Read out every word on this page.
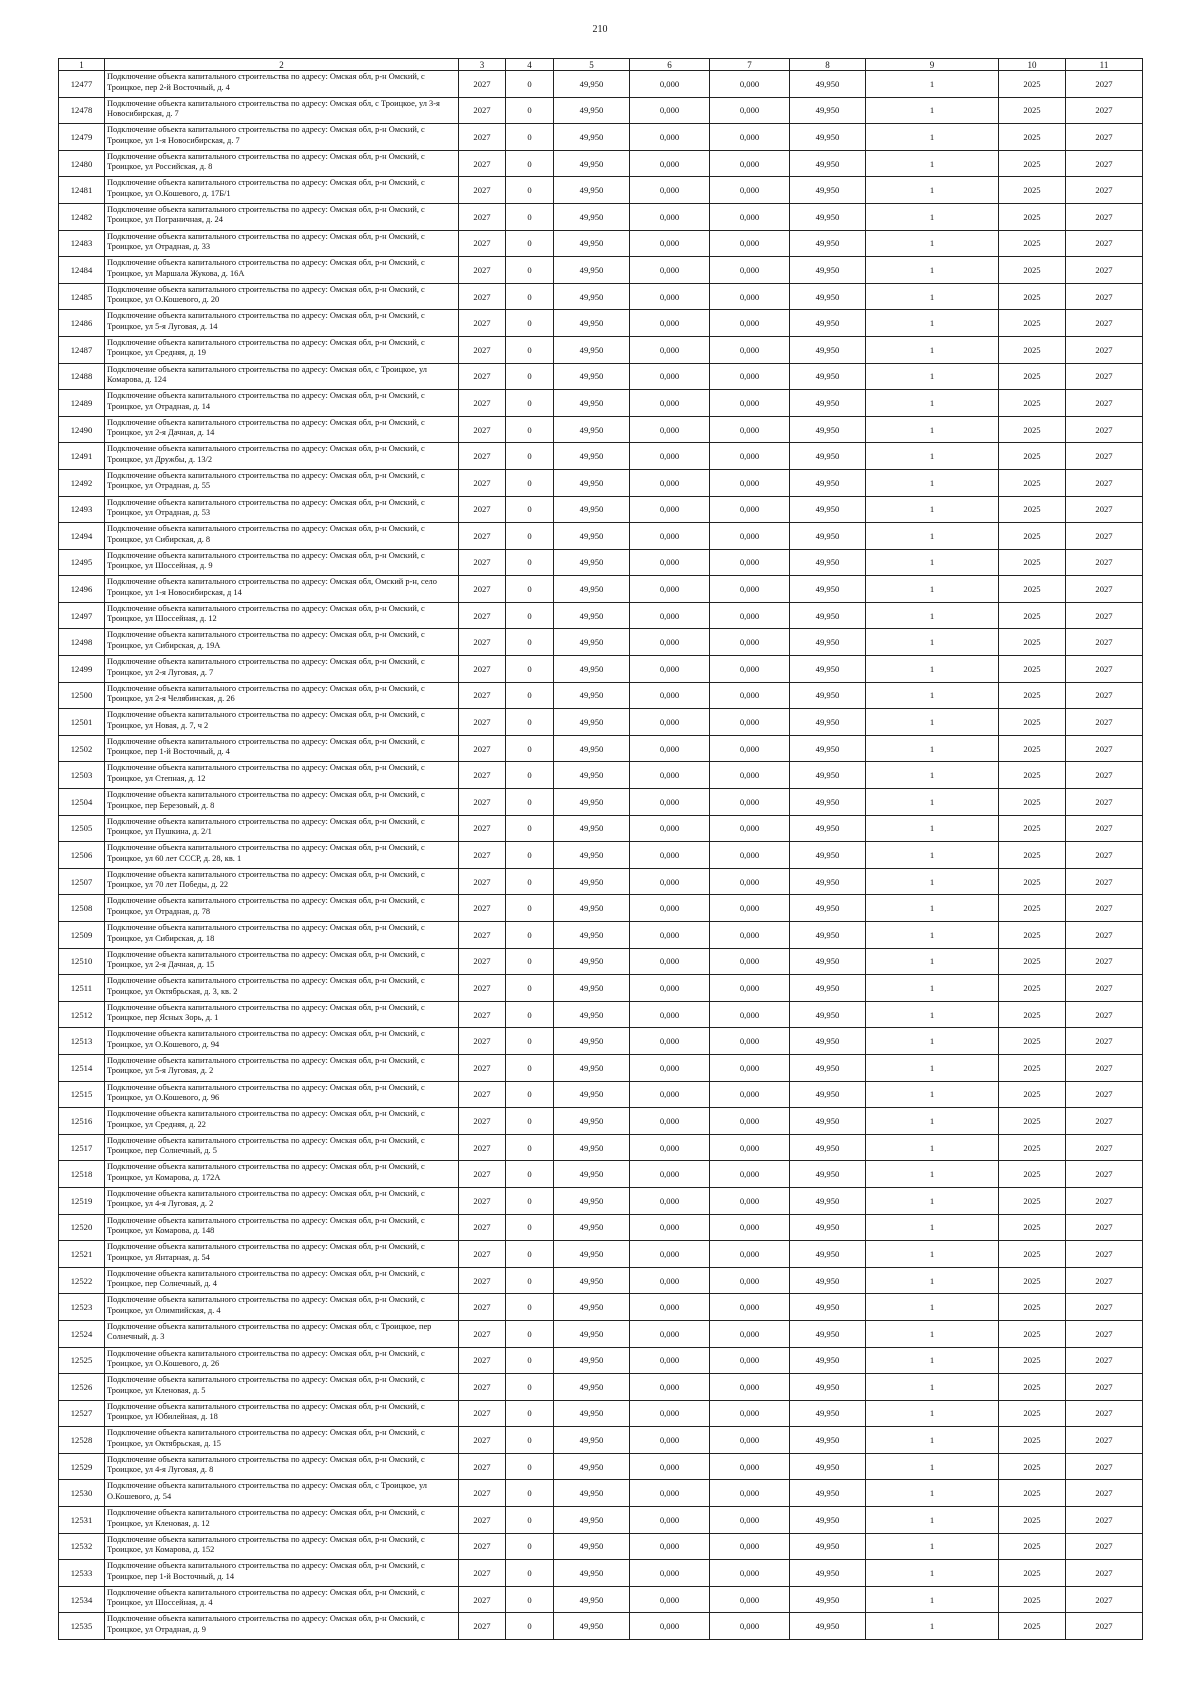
210
1	2	3	4	5	6	7	8	9	10	11
12477	Подключение объекта капитального строительства по адресу: Омская обл, р-н Омский, с Троицкое, пер 2-й Восточный, д. 4	2027	0	49,950	0,000	0,000	49,950	1	2025	2027
12478	Подключение объекта капитального строительства по адресу: Омская обл, с Троицкое, ул 3-я Новосибирская, д. 7	2027	0	49,950	0,000	0,000	49,950	1	2025	2027
12479	Подключение объекта капитального строительства по адресу: Омская обл, р-н Омский, с Троицкое, ул 1-я Новосибирская, д. 7	2027	0	49,950	0,000	0,000	49,950	1	2025	2027
12480	Подключение объекта капитального строительства по адресу: Омская обл, р-н Омский, с Троицкое, ул Российская, д. 8	2027	0	49,950	0,000	0,000	49,950	1	2025	2027
12481	Подключение объекта капитального строительства по адресу: Омская обл, р-н Омский, с Троицкое, ул О.Кошевого, д. 17Б/1	2027	0	49,950	0,000	0,000	49,950	1	2025	2027
12482	Подключение объекта капитального строительства по адресу: Омская обл, р-н Омский, с Троицкое, ул Пограничная, д. 24	2027	0	49,950	0,000	0,000	49,950	1	2025	2027
12483	Подключение объекта капитального строительства по адресу: Омская обл, р-н Омский, с Троицкое, ул Отрадная, д. 33	2027	0	49,950	0,000	0,000	49,950	1	2025	2027
12484	Подключение объекта капитального строительства по адресу: Омская обл, р-н Омский, с Троицкое, ул Маршала Жукова, д. 16А	2027	0	49,950	0,000	0,000	49,950	1	2025	2027
12485	Подключение объекта капитального строительства по адресу: Омская обл, р-н Омский, с Троицкое, ул О.Кошевого, д. 20	2027	0	49,950	0,000	0,000	49,950	1	2025	2027
12486	Подключение объекта капитального строительства по адресу: Омская обл, р-н Омский, с Троицкое, ул 5-я Луговая, д. 14	2027	0	49,950	0,000	0,000	49,950	1	2025	2027
12487	Подключение объекта капитального строительства по адресу: Омская обл, р-н Омский, с Троицкое, ул Средняя, д. 19	2027	0	49,950	0,000	0,000	49,950	1	2025	2027
12488	Подключение объекта капитального строительства по адресу: Омская обл, с Троицкое, ул Комарова, д. 124	2027	0	49,950	0,000	0,000	49,950	1	2025	2027
12489	Подключение объекта капитального строительства по адресу: Омская обл, р-н Омский, с Троицкое, ул Отрадная, д. 14	2027	0	49,950	0,000	0,000	49,950	1	2025	2027
12490	Подключение объекта капитального строительства по адресу: Омская обл, р-н Омский, с Троицкое, ул 2-я Дачная, д. 14	2027	0	49,950	0,000	0,000	49,950	1	2025	2027
12491	Подключение объекта капитального строительства по адресу: Омская обл, р-н Омский, с Троицкое, ул Дружбы, д. 13/2	2027	0	49,950	0,000	0,000	49,950	1	2025	2027
12492	Подключение объекта капитального строительства по адресу: Омская обл, р-н Омский, с Троицкое, ул Отрадная, д. 55	2027	0	49,950	0,000	0,000	49,950	1	2025	2027
12493	Подключение объекта капитального строительства по адресу: Омская обл, р-н Омский, с Троицкое, ул Отрадная, д. 53	2027	0	49,950	0,000	0,000	49,950	1	2025	2027
12494	Подключение объекта капитального строительства по адресу: Омская обл, р-н Омский, с Троицкое, ул Сибирская, д. 8	2027	0	49,950	0,000	0,000	49,950	1	2025	2027
12495	Подключение объекта капитального строительства по адресу: Омская обл, р-н Омский, с Троицкое, ул Шоссейная, д. 9	2027	0	49,950	0,000	0,000	49,950	1	2025	2027
12496	Подключение объекта капитального строительства по адресу: Омская обл, Омский р-н, село Троицкое, ул 1-я Новосибирская, д 14	2027	0	49,950	0,000	0,000	49,950	1	2025	2027
12497	Подключение объекта капитального строительства по адресу: Омская обл, р-н Омский, с Троицкое, ул Шоссейная, д. 12	2027	0	49,950	0,000	0,000	49,950	1	2025	2027
12498	Подключение объекта капитального строительства по адресу: Омская обл, р-н Омский, с Троицкое, ул Сибирская, д. 19А	2027	0	49,950	0,000	0,000	49,950	1	2025	2027
12499	Подключение объекта капитального строительства по адресу: Омская обл, р-н Омский, с Троицкое, ул 2-я Луговая, д. 7	2027	0	49,950	0,000	0,000	49,950	1	2025	2027
12500	Подключение объекта капитального строительства по адресу: Омская обл, р-н Омский, с Троицкое, ул 2-я Челябинская, д. 26	2027	0	49,950	0,000	0,000	49,950	1	2025	2027
12501	Подключение объекта капитального строительства по адресу: Омская обл, р-н Омский, с Троицкое, ул Новая, д. 7, ч 2	2027	0	49,950	0,000	0,000	49,950	1	2025	2027
12502	Подключение объекта капитального строительства по адресу: Омская обл, р-н Омский, с Троицкое, пер 1-й Восточный, д. 4	2027	0	49,950	0,000	0,000	49,950	1	2025	2027
12503	Подключение объекта капитального строительства по адресу: Омская обл, р-н Омский, с Троицкое, ул Степная, д. 12	2027	0	49,950	0,000	0,000	49,950	1	2025	2027
12504	Подключение объекта капитального строительства по адресу: Омская обл, р-н Омский, с Троицкое, пер Березовый, д. 8	2027	0	49,950	0,000	0,000	49,950	1	2025	2027
12505	Подключение объекта капитального строительства по адресу: Омская обл, р-н Омский, с Троицкое, ул Пушкина, д. 2/1	2027	0	49,950	0,000	0,000	49,950	1	2025	2027
12506	Подключение объекта капитального строительства по адресу: Омская обл, р-н Омский, с Троицкое, ул 60 лет СССР, д. 28, кв. 1	2027	0	49,950	0,000	0,000	49,950	1	2025	2027
12507	Подключение объекта капитального строительства по адресу: Омская обл, р-н Омский, с Троицкое, ул 70 лет Победы, д. 22	2027	0	49,950	0,000	0,000	49,950	1	2025	2027
12508	Подключение объекта капитального строительства по адресу: Омская обл, р-н Омский, с Троицкое, ул Отрадная, д. 78	2027	0	49,950	0,000	0,000	49,950	1	2025	2027
12509	Подключение объекта капитального строительства по адресу: Омская обл, р-н Омский, с Троицкое, ул Сибирская, д. 18	2027	0	49,950	0,000	0,000	49,950	1	2025	2027
12510	Подключение объекта капитального строительства по адресу: Омская обл, р-н Омский, с Троицкое, ул 2-я Дачная, д. 15	2027	0	49,950	0,000	0,000	49,950	1	2025	2027
12511	Подключение объекта капитального строительства по адресу: Омская обл, р-н Омский, с Троицкое, ул Октябрьская, д. 3, кв. 2	2027	0	49,950	0,000	0,000	49,950	1	2025	2027
12512	Подключение объекта капитального строительства по адресу: Омская обл, р-н Омский, с Троицкое, пер Ясных Зорь, д. 1	2027	0	49,950	0,000	0,000	49,950	1	2025	2027
12513	Подключение объекта капитального строительства по адресу: Омская обл, р-н Омский, с Троицкое, ул О.Кошевого, д. 94	2027	0	49,950	0,000	0,000	49,950	1	2025	2027
12514	Подключение объекта капитального строительства по адресу: Омская обл, р-н Омский, с Троицкое, ул 5-я Луговая, д. 2	2027	0	49,950	0,000	0,000	49,950	1	2025	2027
12515	Подключение объекта капитального строительства по адресу: Омская обл, р-н Омский, с Троицкое, ул О.Кошевого, д. 96	2027	0	49,950	0,000	0,000	49,950	1	2025	2027
12516	Подключение объекта капитального строительства по адресу: Омская обл, р-н Омский, с Троицкое, ул Средняя, д. 22	2027	0	49,950	0,000	0,000	49,950	1	2025	2027
12517	Подключение объекта капитального строительства по адресу: Омская обл, р-н Омский, с Троицкое, пер Солнечный, д. 5	2027	0	49,950	0,000	0,000	49,950	1	2025	2027
12518	Подключение объекта капитального строительства по адресу: Омская обл, р-н Омский, с Троицкое, ул Комарова, д. 172А	2027	0	49,950	0,000	0,000	49,950	1	2025	2027
12519	Подключение объекта капитального строительства по адресу: Омская обл, р-н Омский, с Троицкое, ул 4-я Луговая, д. 2	2027	0	49,950	0,000	0,000	49,950	1	2025	2027
12520	Подключение объекта капитального строительства по адресу: Омская обл, р-н Омский, с Троицкое, ул Комарова, д. 148	2027	0	49,950	0,000	0,000	49,950	1	2025	2027
12521	Подключение объекта капитального строительства по адресу: Омская обл, р-н Омский, с Троицкое, ул Янтарная, д. 54	2027	0	49,950	0,000	0,000	49,950	1	2025	2027
12522	Подключение объекта капитального строительства по адресу: Омская обл, р-н Омский, с Троицкое, пер Солнечный, д. 4	2027	0	49,950	0,000	0,000	49,950	1	2025	2027
12523	Подключение объекта капитального строительства по адресу: Омская обл, р-н Омский, с Троицкое, ул Олимпийская, д. 4	2027	0	49,950	0,000	0,000	49,950	1	2025	2027
12524	Подключение объекта капитального строительства по адресу: Омская обл, с Троицкое, пер Солнечный, д. 3	2027	0	49,950	0,000	0,000	49,950	1	2025	2027
12525	Подключение объекта капитального строительства по адресу: Омская обл, р-н Омский, с Троицкое, ул О.Кошевого, д. 26	2027	0	49,950	0,000	0,000	49,950	1	2025	2027
12526	Подключение объекта капитального строительства по адресу: Омская обл, р-н Омский, с Троицкое, ул Кленовая, д. 5	2027	0	49,950	0,000	0,000	49,950	1	2025	2027
12527	Подключение объекта капитального строительства по адресу: Омская обл, р-н Омский, с Троицкое, ул Юбилейная, д. 18	2027	0	49,950	0,000	0,000	49,950	1	2025	2027
12528	Подключение объекта капитального строительства по адресу: Омская обл, р-н Омский, с Троицкое, ул Октябрьская, д. 15	2027	0	49,950	0,000	0,000	49,950	1	2025	2027
12529	Подключение объекта капитального строительства по адресу: Омская обл, р-н Омский, с Троицкое, ул 4-я Луговая, д. 8	2027	0	49,950	0,000	0,000	49,950	1	2025	2027
12530	Подключение объекта капитального строительства по адресу: Омская обл, с Троицкое, ул О.Кошевого, д. 54	2027	0	49,950	0,000	0,000	49,950	1	2025	2027
12531	Подключение объекта капитального строительства по адресу: Омская обл, р-н Омский, с Троицкое, ул Кленовая, д. 12	2027	0	49,950	0,000	0,000	49,950	1	2025	2027
12532	Подключение объекта капитального строительства по адресу: Омская обл, р-н Омский, с Троицкое, ул Комарова, д. 152	2027	0	49,950	0,000	0,000	49,950	1	2025	2027
12533	Подключение объекта капитального строительства по адресу: Омская обл, р-н Омский, с Троицкое, пер 1-й Восточный, д. 14	2027	0	49,950	0,000	0,000	49,950	1	2025	2027
12534	Подключение объекта капитального строительства по адресу: Омская обл, р-н Омский, с Троицкое, ул Шоссейная, д. 4	2027	0	49,950	0,000	0,000	49,950	1	2025	2027
12535	Подключение объекта капитального строительства по адресу: Омская обл, р-н Омский, с Троицкое, ул Отрадная, д. 9	2027	0	49,950	0,000	0,000	49,950	1	2025	2027
